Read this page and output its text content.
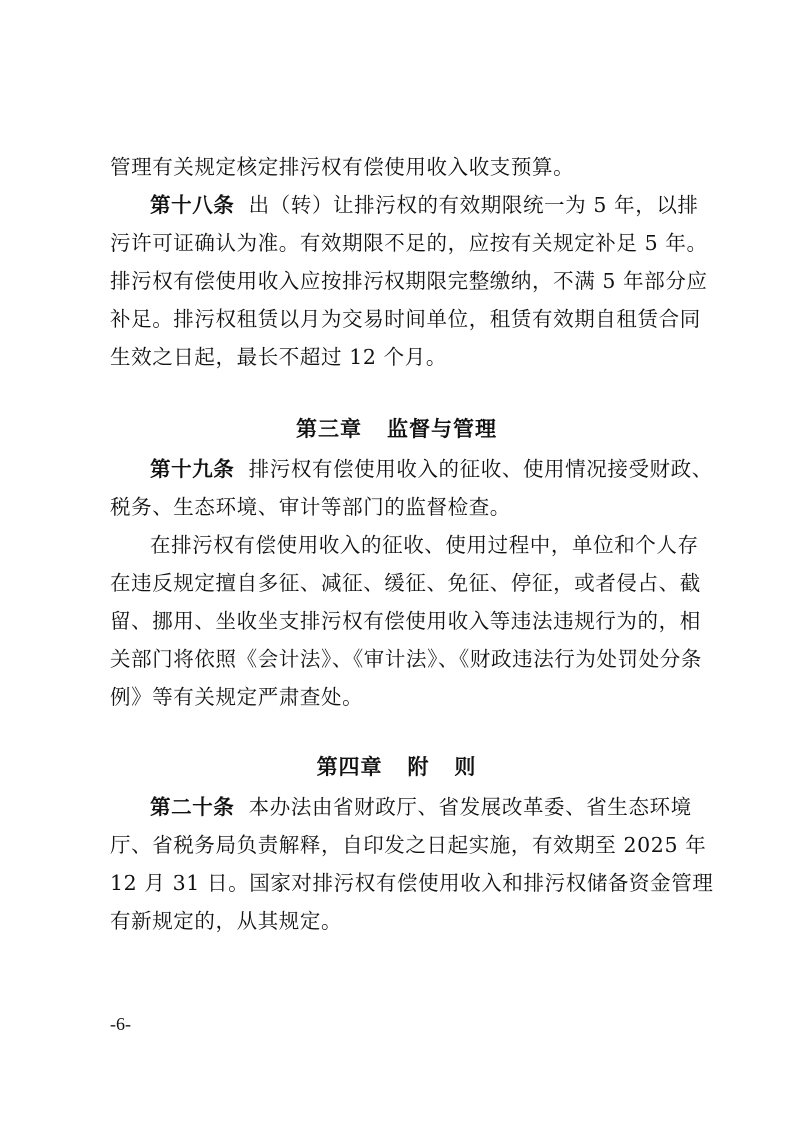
管理有关规定核定排污权有偿使用收入收支预算。
第十八条 出（转）让排污权的有效期限统一为 5 年，以排
污许可证确认为准。有效期限不足的，应按有关规定补足 5 年。
排污权有偿使用收入应按排污权期限完整缴纳，不满 5 年部分应
补足。排污权租赁以月为交易时间单位，租赁有效期自租赁合同
生效之日起，最长不超过 12 个月。
第三章   监督与管理
第十九条 排污权有偿使用收入的征收、使用情况接受财政、
税务、生态环境、审计等部门的监督检查。
在排污权有偿使用收入的征收、使用过程中，单位和个人存
在违反规定擅自多征、减征、缓征、免征、停征，或者侵占、截
留、挪用、坐收坐支排污权有偿使用收入等违法违规行为的，相
关部门将依照《会计法》、《审计法》、《财政违法行为处罚处分条
例》等有关规定严肃查处。
第四章   附   则
第二十条 本办法由省财政厅、省发展改革委、省生态环境
厅、省税务局负责解释，自印发之日起实施，有效期至 2025 年
12 月 31 日。国家对排污权有偿使用收入和排污权储备资金管理
有新规定的，从其规定。
-6-
